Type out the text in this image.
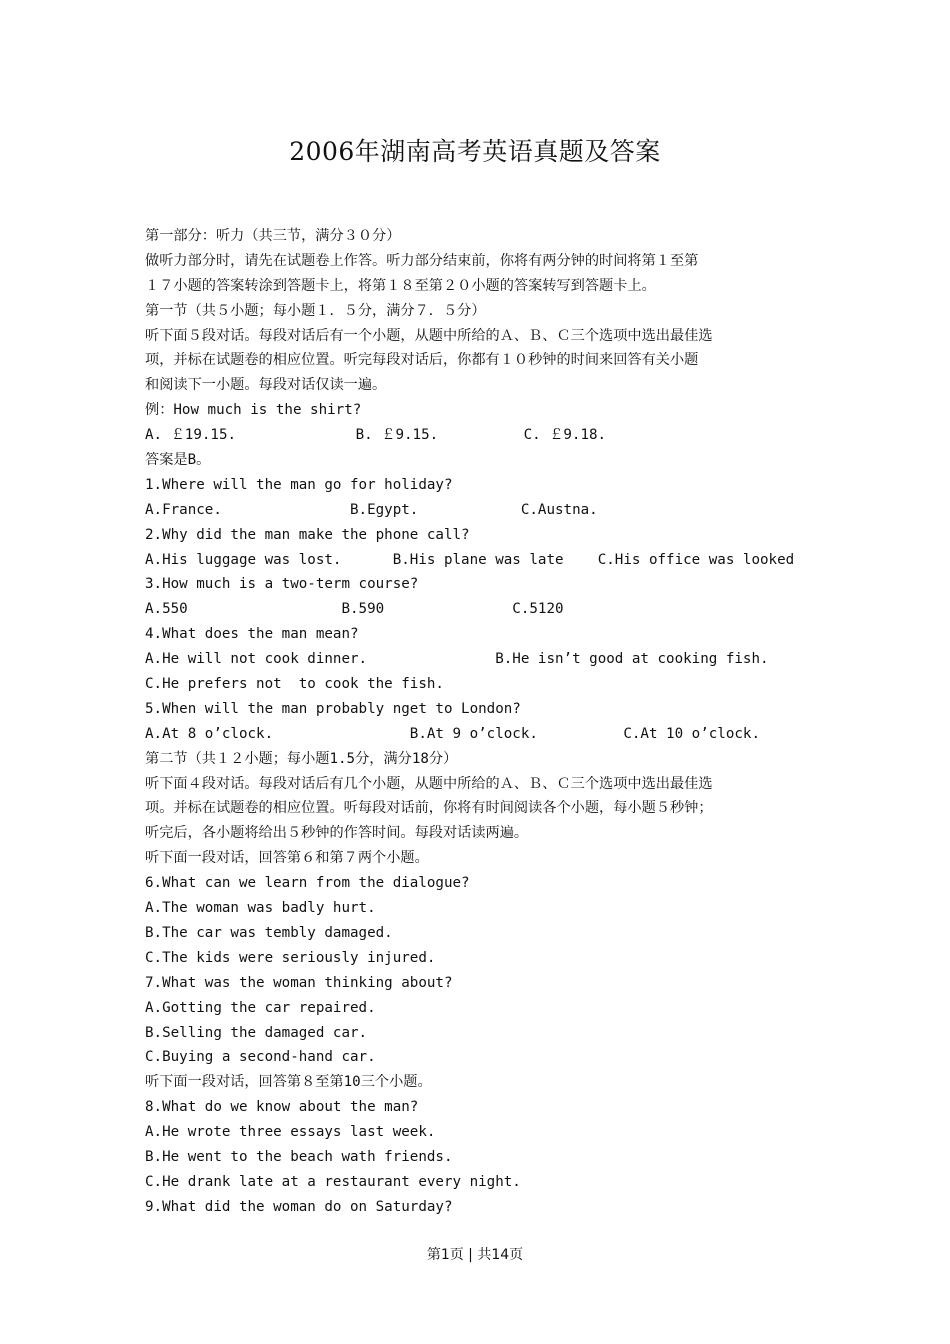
2006年湖南高考英语真题及答案
第一部分：听力（共三节，满分３０分）
做听力部分时，请先在试题卷上作答。听力部分结束前，你将有两分钟的时间将第１至第
１７小题的答案转涂到答题卡上，将第１８至第２０小题的答案转写到答题卡上。
第一节（共５小题；每小题１．５分，满分７．５分）
听下面５段对话。每段对话后有一个小题，从题中所给的Ａ、Ｂ、Ｃ三个选项中选出最佳选
项，并标在试题卷的相应位置。听完每段对话后，你都有１０秒钟的时间来回答有关小题
和阅读下一小题。每段对话仅读一遍。
例：How much is the shirt?
A. ￡19.15.              B. ￡9.15.          C. ￡9.18.
答案是B。
1.Where will the man go for holiday?
A.France.               B.Egypt.            C.Austna.
2.Why did the man make the phone call?
A.His luggage was lost.      B.His plane was late    C.His office was looked
3.How much is a two-term course?
A.550                  B.590               C.5120
4.What does the man mean?
A.He will not cook dinner.               B.He isn’t good at cooking fish.
C.He prefers not  to cook the fish.
5.When will the man probably nget to London?
A.At 8 o’clock.                B.At 9 o’clock.          C.At 10 o’clock.
第二节（共１２小题；每小题1.5分，满分18分）
听下面４段对话。每段对话后有几个小题，从题中所给的Ａ、Ｂ、Ｃ三个选项中选出最佳选
项。并标在试题卷的相应位置。听每段对话前，你将有时间阅读各个小题，每小题５秒钟；
听完后，各小题将给出５秒钟的作答时间。每段对话读两遍。
听下面一段对话，回答第６和第７两个小题。
6.What can we learn from the dialogue?
A.The woman was badly hurt.
B.The car was tembly damaged.
C.The kids were seriously injured.
7.What was the woman thinking about?
A.Gotting the car repaired.
B.Selling the damaged car.
C.Buying a second-hand car.
听下面一段对话，回答第８至第10三个小题。
8.What do we know about the man?
A.He wrote three essays last week.
B.He went to the beach wath friends.
C.He drank late at a restaurant every night.
9.What did the woman do on Saturday?
第1页 | 共14页
